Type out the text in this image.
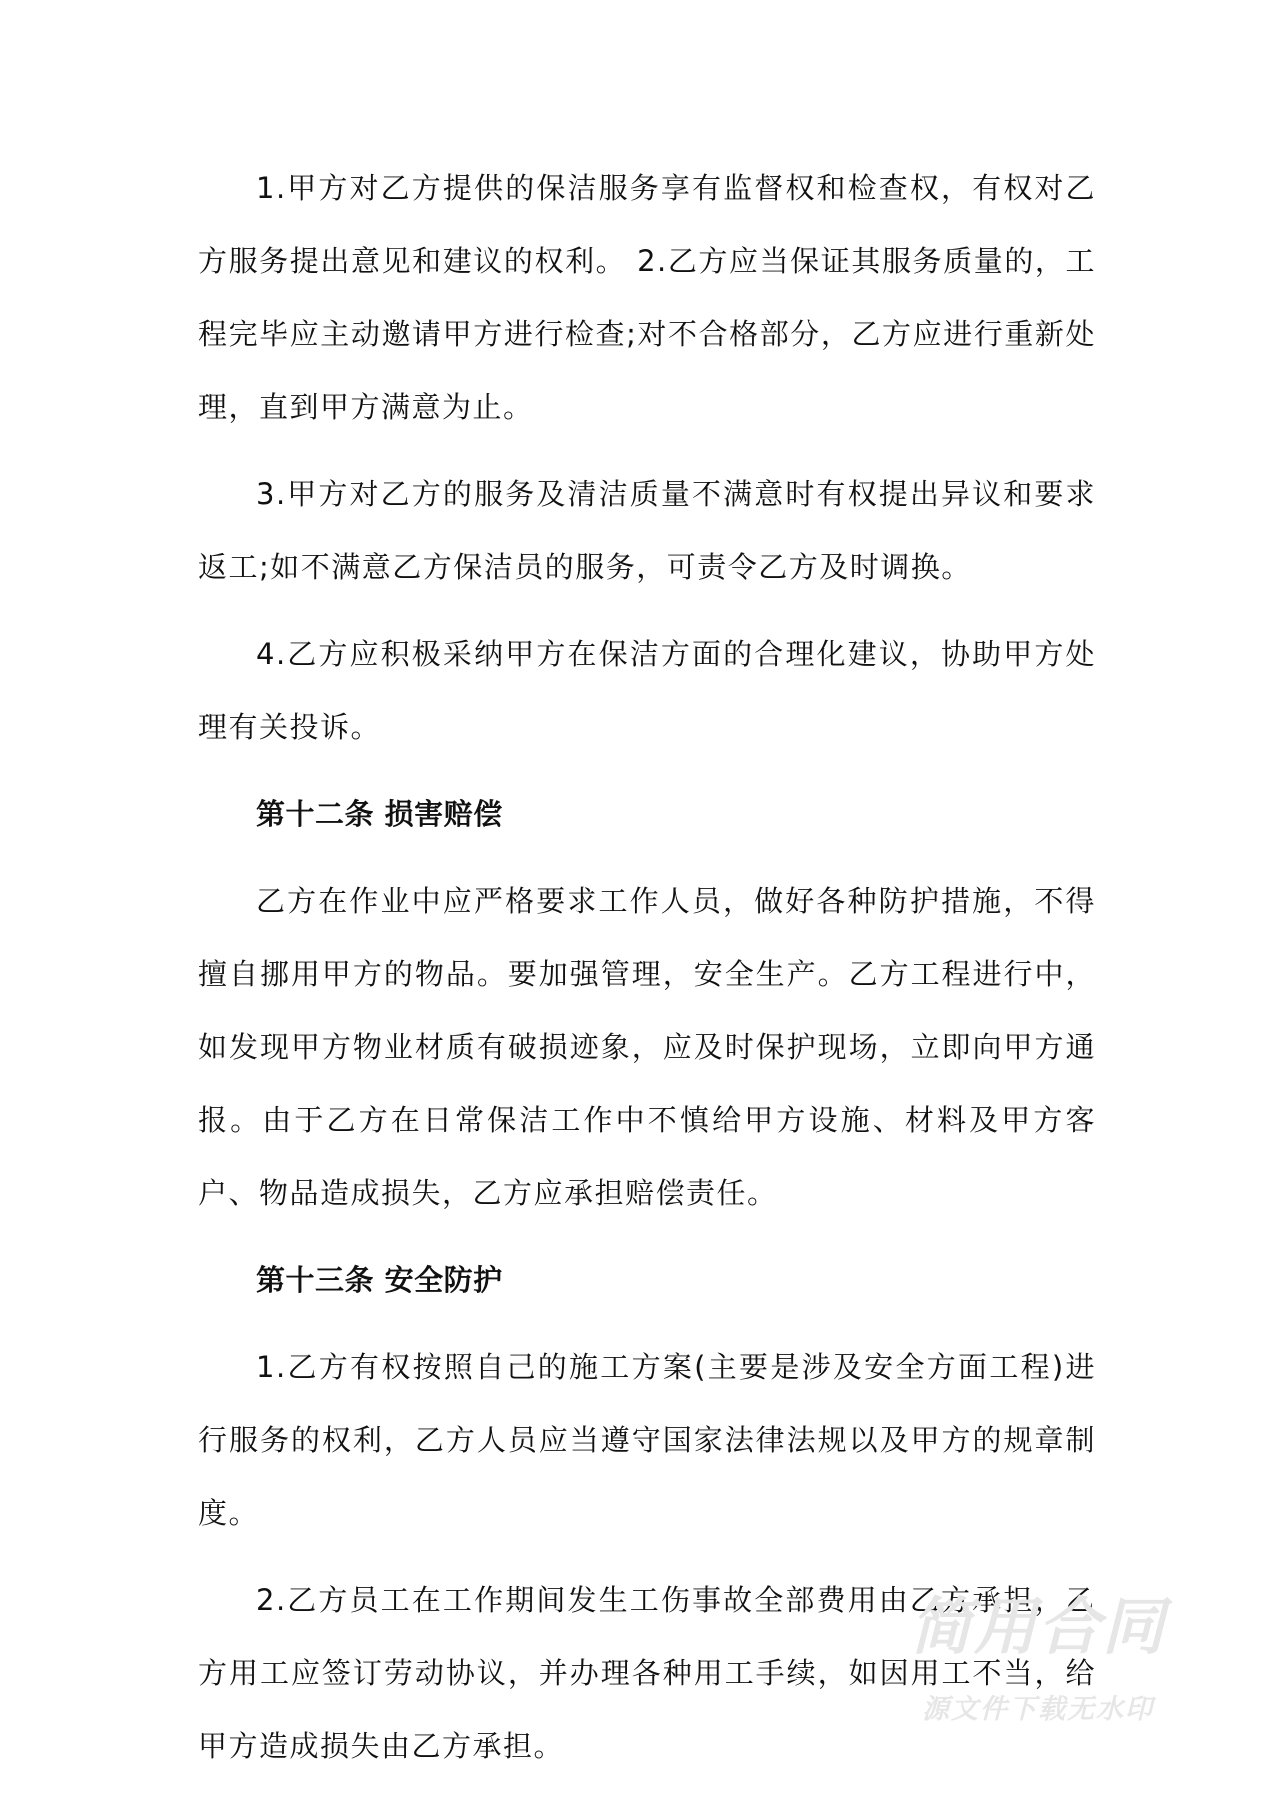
1.甲方对乙方提供的保洁服务享有监督权和检查权，有权对乙方服务提出意见和建议的权利。 2.乙方应当保证其服务质量的，工程完毕应主动邀请甲方进行检查;对不合格部分，乙方应进行重新处理，直到甲方满意为止。

3.甲方对乙方的服务及清洁质量不满意时有权提出异议和要求返工;如不满意乙方保洁员的服务，可责令乙方及时调换。

4.乙方应积极采纳甲方在保洁方面的合理化建议，协助甲方处理有关投诉。

第十二条 损害赔偿

乙方在作业中应严格要求工作人员，做好各种防护措施，不得擅自挪用甲方的物品。要加强管理，安全生产。乙方工程进行中，如发现甲方物业材质有破损迹象，应及时保护现场，立即向甲方通报。由于乙方在日常保洁工作中不慎给甲方设施、材料及甲方客户、物品造成损失，乙方应承担赔偿责任。

第十三条 安全防护

1.乙方有权按照自己的施工方案(主要是涉及安全方面工程)进行服务的权利，乙方人员应当遵守国家法律法规以及甲方的规章制度。

2.乙方员工在工作期间发生工伤事故全部费用由乙方承担，乙方用工应签订劳动协议，并办理各种用工手续，如因用工不当，给甲方造成损失由乙方承担。

简用合同
源文件下载无水印
